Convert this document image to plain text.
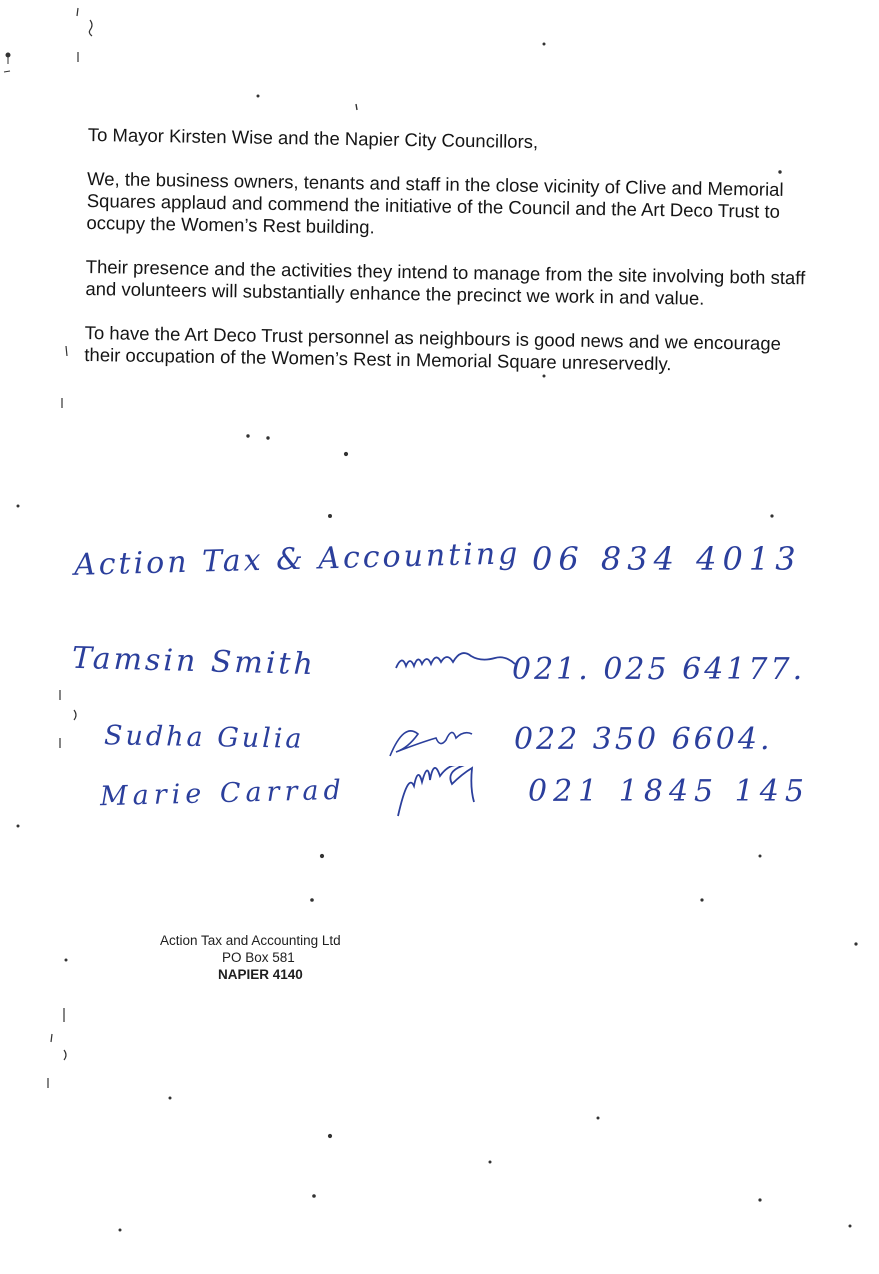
To Mayor Kirsten Wise and the Napier City Councillors,

We, the business owners, tenants and staff in the close vicinity of Clive and Memorial Squares applaud and commend the initiative of the Council and the Art Deco Trust to occupy the Women’s Rest building.

Their presence and the activities they intend to manage from the site involving both staff and volunteers will substantially enhance the precinct we work in and value.

To have the Art Deco Trust personnel as neighbours is good news and we encourage their occupation of the Women’s Rest in Memorial Square unreservedly.

Action Tax & Accounting 06 834 4013
Tamsin Smith	021. 025 64177.
Sudha Gulia	022 350 6604.
Marie Carrad	021 1845 145
Action Tax and Accounting Ltd
PO Box 581
NAPIER 4140
